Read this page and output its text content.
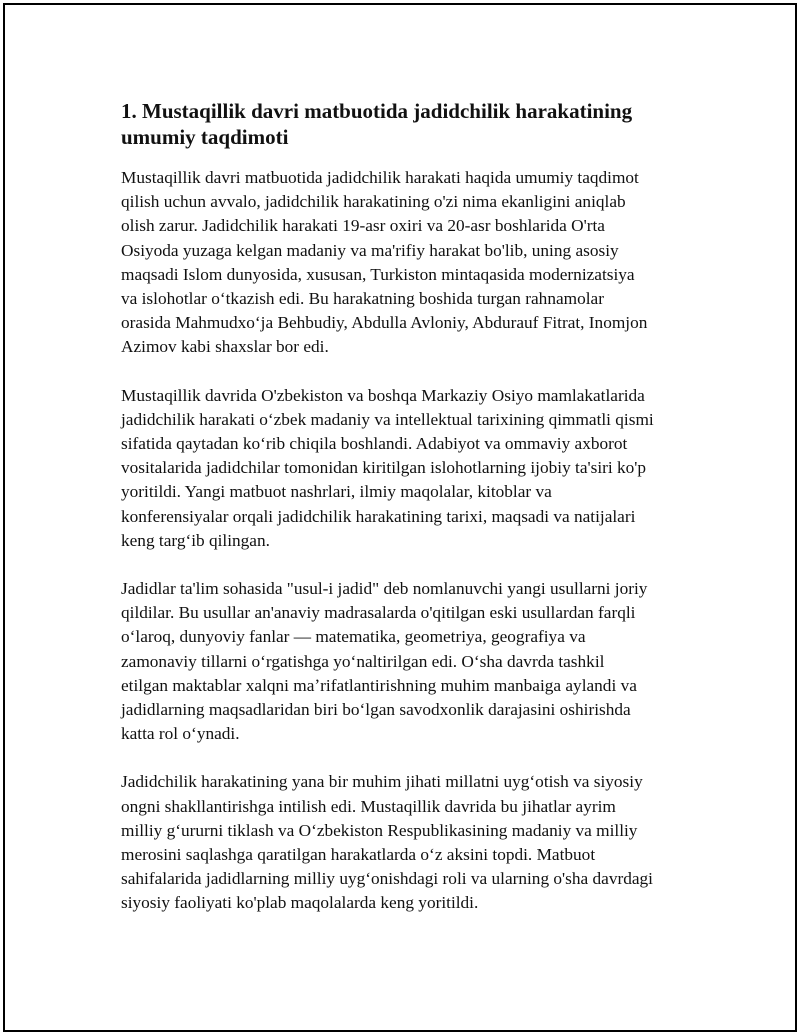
1. Mustaqillik davri matbuotida jadidchilik harakatining
umumiy taqdimoti

Mustaqillik davri matbuotida jadidchilik harakati haqida umumiy taqdimot
qilish uchun avvalo, jadidchilik harakatining o'zi nima ekanligini aniqlab
olish zarur. Jadidchilik harakati 19-asr oxiri va 20-asr boshlarida O'rta
Osiyoda yuzaga kelgan madaniy va ma'rifiy harakat bo'lib, uning asosiy
maqsadi Islom dunyosida, xususan, Turkiston mintaqasida modernizatsiya
va islohotlar oʻtkazish edi. Bu harakatning boshida turgan rahnamolar
orasida Mahmudxoʻja Behbudiy, Abdulla Avloniy, Abdurauf Fitrat, Inomjon
Azimov kabi shaxslar bor edi.

Mustaqillik davrida O'zbekiston va boshqa Markaziy Osiyo mamlakatlarida
jadidchilik harakati oʻzbek madaniy va intellektual tarixining qimmatli qismi
sifatida qaytadan koʻrib chiqila boshlandi. Adabiyot va ommaviy axborot
vositalarida jadidchilar tomonidan kiritilgan islohotlarning ijobiy ta'siri ko'p
yoritildi. Yangi matbuot nashrlari, ilmiy maqolalar, kitoblar va
konferensiyalar orqali jadidchilik harakatining tarixi, maqsadi va natijalari
keng targʻib qilingan.

Jadidlar ta'lim sohasida "usul-i jadid" deb nomlanuvchi yangi usullarni joriy
qildilar. Bu usullar an'anaviy madrasalarda o'qitilgan eski usullardan farqli
oʻlaroq, dunyoviy fanlar — matematika, geometriya, geografiya va
zamonaviy tillarni oʻrgatishga yoʻnaltirilgan edi. Oʻsha davrda tashkil
etilgan maktablar xalqni maʼrifatlantirishning muhim manbaiga aylandi va
jadidlarning maqsadlaridan biri boʻlgan savodxonlik darajasini oshirishda
katta rol oʻynadi.

Jadidchilik harakatining yana bir muhim jihati millatni uygʻotish va siyosiy
ongni shakllantirishga intilish edi. Mustaqillik davrida bu jihatlar ayrim
milliy gʻururni tiklash va Oʻzbekiston Respublikasining madaniy va milliy
merosini saqlashga qaratilgan harakatlarda oʻz aksini topdi. Matbuot
sahifalarida jadidlarning milliy uygʻonishdagi roli va ularning o'sha davrdagi
siyosiy faoliyati ko'plab maqolalarda keng yoritildi.
